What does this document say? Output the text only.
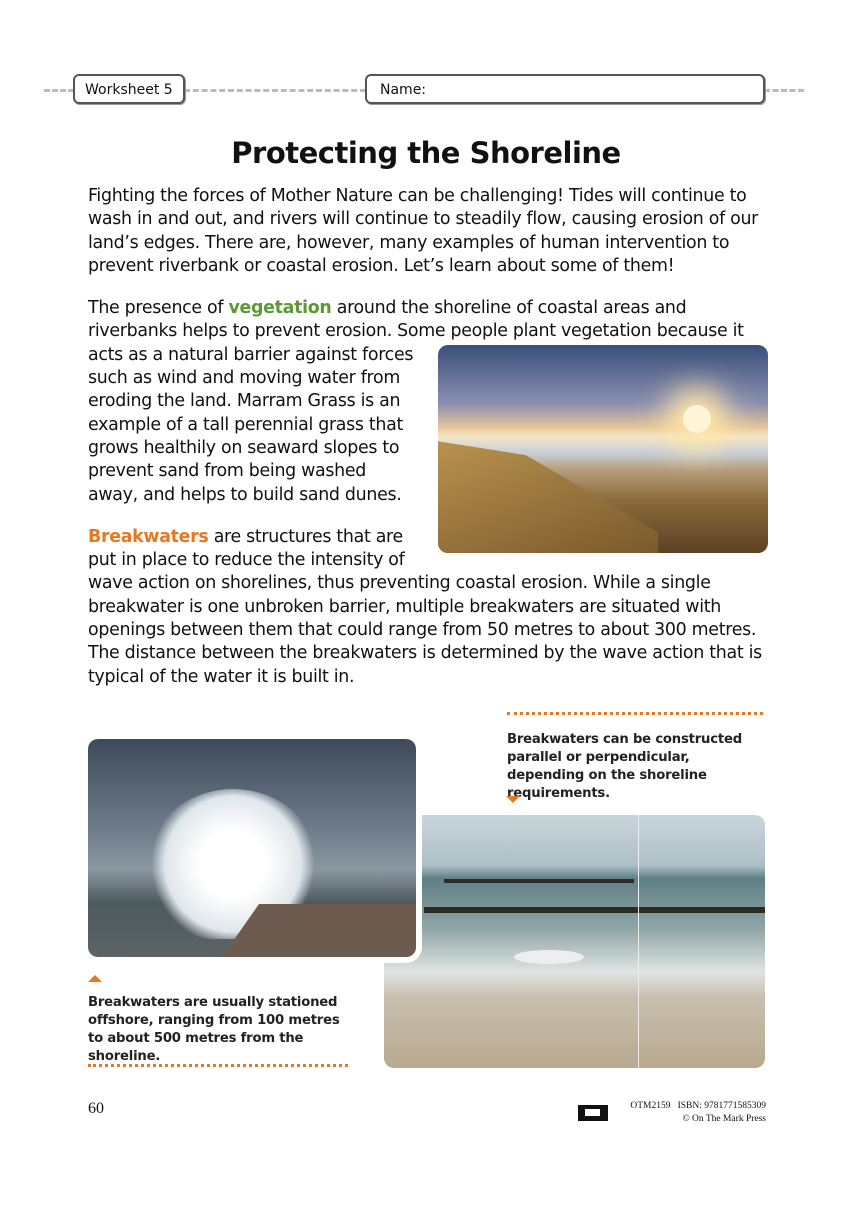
Worksheet 5	Name:
Protecting the Shoreline

Fighting the forces of Mother Nature can be challenging! Tides will continue to wash in and out, and rivers will continue to steadily flow, causing erosion of our land’s edges. There are, however, many examples of human intervention to prevent riverbank or coastal erosion. Let’s learn about some of them!

The presence of vegetation around the shoreline of coastal areas and riverbanks helps to prevent erosion. Some people plant vegetation because it acts as a natural barrier against forces such as wind and moving water from eroding the land. Marram Grass is an example of a tall perennial grass that grows healthily on seaward slopes to prevent sand from being washed away, and helps to build sand dunes.

Breakwaters are structures that are put in place to reduce the intensity of wave action on shorelines, thus preventing coastal erosion. While a single breakwater is one unbroken barrier, multiple breakwaters are situated with openings between them that could range from 50 metres to about 300 metres. The distance between the breakwaters is determined by the wave action that is typical of the water it is built in.

Breakwaters can be constructed parallel or perpendicular, depending on the shoreline requirements.
Breakwaters are usually stationed offshore, ranging from 100 metres to about 500 metres from the shoreline.
60	OTM2159 ISBN: 9781771585309
© On The Mark Press
